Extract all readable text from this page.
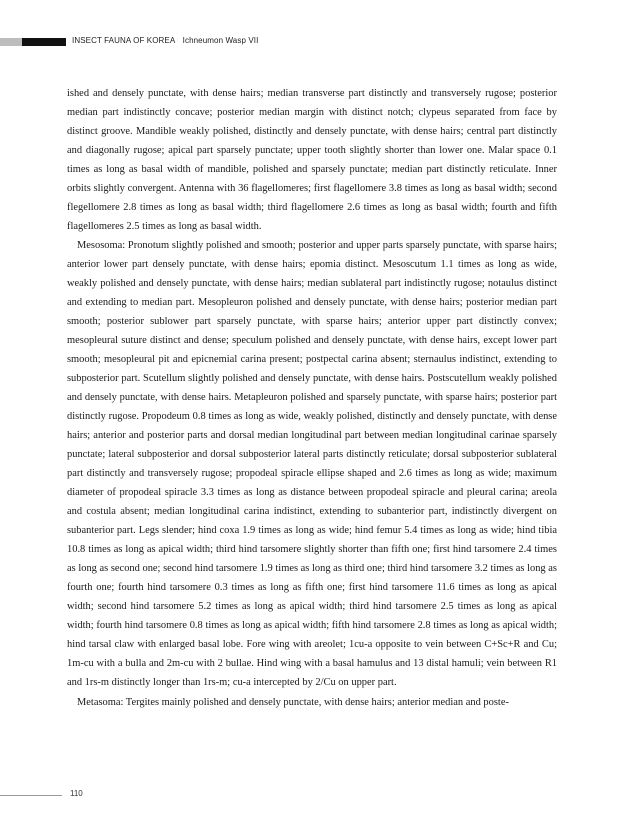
INSECT FAUNA OF KOREA Ichneumon Wasp VII

ished and densely punctate, with dense hairs; median transverse part distinctly and transversely rugose; posterior median part indistinctly concave; posterior median margin with distinct notch; clypeus separated from face by distinct groove. Mandible weakly polished, distinctly and densely punctate, with dense hairs; central part distinctly and diagonally rugose; apical part sparsely punctate; upper tooth slightly shorter than lower one. Malar space 0.1 times as long as basal width of mandible, polished and sparsely punctate; median part distinctly reticulate. Inner orbits slightly convergent. Antenna with 36 flagellomeres; first flagellomere 3.8 times as long as basal width; second flegellomere 2.8 times as long as basal width; third flagellomere 2.6 times as long as basal width; fourth and fifth flagellomeres 2.5 times as long as basal width.

Mesosoma: Pronotum slightly polished and smooth; posterior and upper parts sparsely punctate, with sparse hairs; anterior lower part densely punctate, with dense hairs; epomia distinct. Mesoscutum 1.1 times as long as wide, weakly polished and densely punctate, with dense hairs; median sublateral part indistinctly rugose; notaulus distinct and extending to median part. Mesopleuron polished and densely punctate, with dense hairs; posterior median part smooth; posterior sublower part sparsely punctate, with sparse hairs; anterior upper part distinctly convex; mesopleural suture distinct and dense; speculum polished and densely punctate, with dense hairs, except lower part smooth; mesopleural pit and epicnemial carina present; postpectal carina absent; sternaulus indistinct, extending to subposterior part. Scutellum slightly polished and densely punctate, with dense hairs. Postscutellum weakly polished and densely punctate, with dense hairs. Metapleuron polished and sparsely punctate, with sparse hairs; posterior part distinctly rugose. Propodeum 0.8 times as long as wide, weakly polished, distinctly and densely punctate, with dense hairs; anterior and posterior parts and dorsal median longitudinal part between median longitudinal carinae sparsely punctate; lateral subposterior and dorsal subposterior lateral parts distinctly reticulate; dorsal subposterior sublateral part distinctly and transversely rugose; propodeal spiracle ellipse shaped and 2.6 times as long as wide; maximum diameter of propodeal spiracle 3.3 times as long as distance between propodeal spiracle and pleural carina; areola and costula absent; median longitudinal carina indistinct, extending to subanterior part, indistinctly divergent on subanterior part. Legs slender; hind coxa 1.9 times as long as wide; hind femur 5.4 times as long as wide; hind tibia 10.8 times as long as apical width; third hind tarsomere slightly shorter than fifth one; first hind tarsomere 2.4 times as long as second one; second hind tarsomere 1.9 times as long as third one; third hind tarsomere 3.2 times as long as fourth one; fourth hind tarsomere 0.3 times as long as fifth one; first hind tarsomere 11.6 times as long as apical width; second hind tarsomere 5.2 times as long as apical width; third hind tarsomere 2.5 times as long as apical width; fourth hind tarsomere 0.8 times as long as apical width; fifth hind tarsomere 2.8 times as long as apical width; hind tarsal claw with enlarged basal lobe. Fore wing with areolet; 1cu-a opposite to vein between C+Sc+R and Cu; 1m-cu with a bulla and 2m-cu with 2 bullae. Hind wing with a basal hamulus and 13 distal hamuli; vein between R1 and 1rs-m distinctly longer than 1rs-m; cu-a intercepted by 2/Cu on upper part.

Metasoma: Tergites mainly polished and densely punctate, with dense hairs; anterior median and poste-

110
